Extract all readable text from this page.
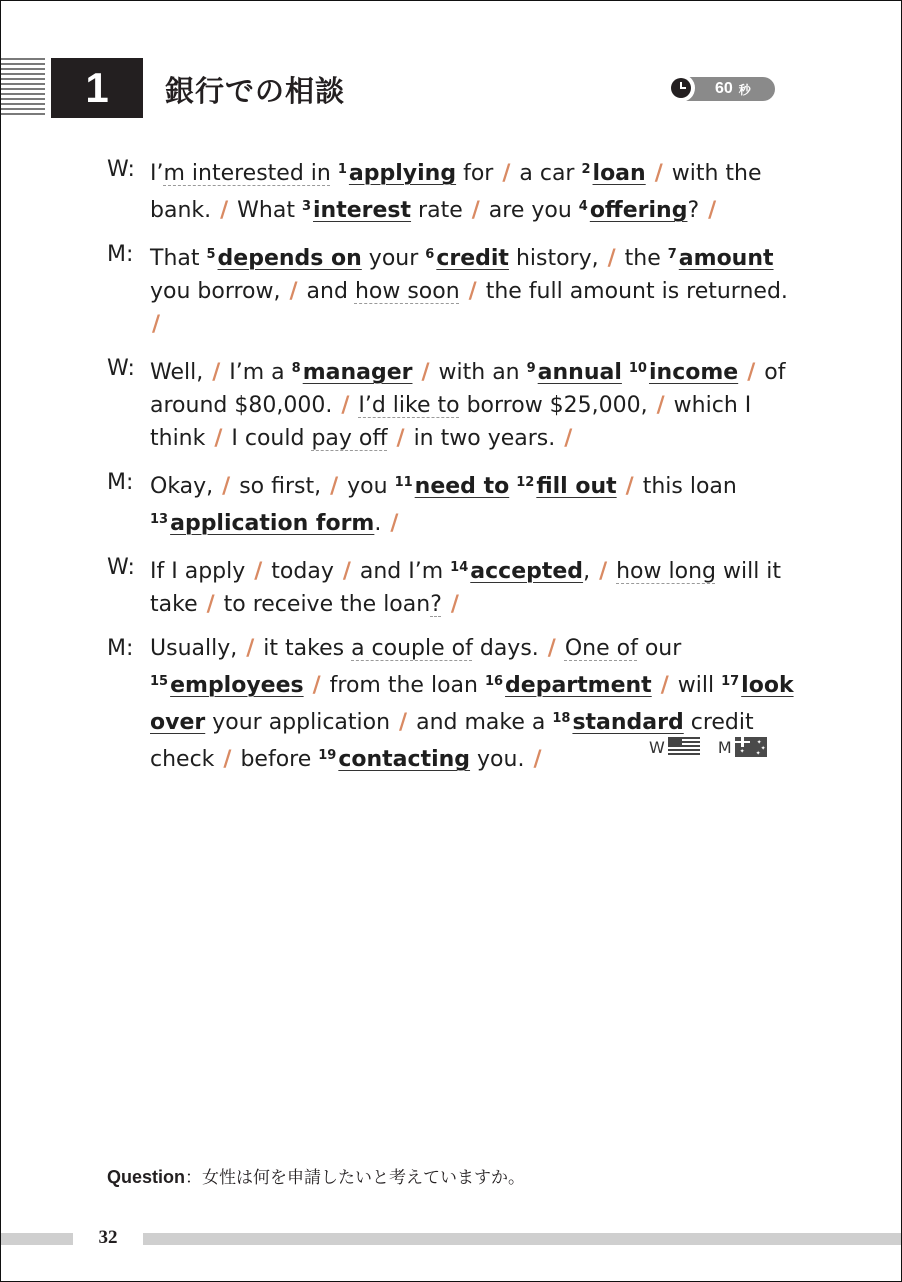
1	銀行での相談	60 秒
W: I’m interested in $^1$applying for / a car $^2$loan / with the bank. / What $^3$interest rate / are you $^4$offering? /
M: That $^5$depends on your $^6$credit history, / the $^7$amount you borrow, / and how soon / the full amount is returned. /
W: Well, / I’m a $^8$manager / with an $^9$annual $^{10}$income / of around $80,000. / I’d like to borrow $25,000, / which I think / I could pay off / in two years. /
M: Okay, / so first, / you $^{11}$need to $^{12}$fill out / this loan $^{13}$application form. /
W: If I apply / today / and I’m $^{14}$accepted, / how long will it take / to receive the loan? /
M: Usually, / it takes a couple of days. / One of our $^{15}$employees / from the loan $^{16}$department / will $^{17}$look over your application / and make a $^{18}$standard credit check / before $^{19}$contacting you. /	W	M ✦
✦
✦
✦
Question：女性は何を申請したいと考えていますか。
32
